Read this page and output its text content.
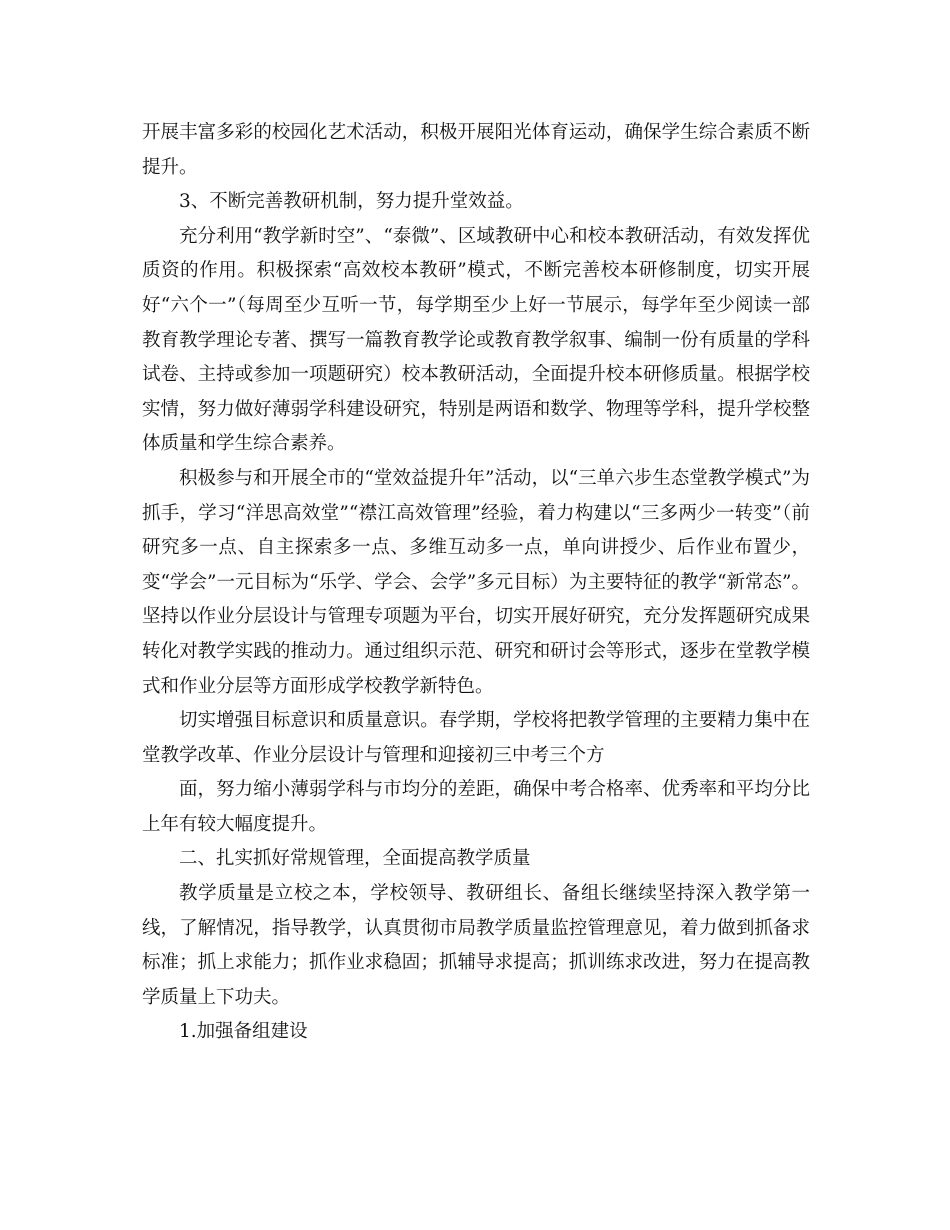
开展丰富多彩的校园化艺术活动，积极开展阳光体育运动，确保学生综合素质不断提升。

3、不断完善教研机制，努力提升堂效益。

充分利用“教学新时空”、“泰微”、区域教研中心和校本教研活动，有效发挥优质资的作用。积极探索“高效校本教研”模式，不断完善校本研修制度，切实开展好“六个一”（每周至少互听一节，每学期至少上好一节展示，每学年至少阅读一部教育教学理论专著、撰写一篇教育教学论或教育教学叙事、编制一份有质量的学科试卷、主持或参加一项题研究）校本教研活动，全面提升校本研修质量。根据学校实情，努力做好薄弱学科建设研究，特别是两语和数学、物理等学科，提升学校整体质量和学生综合素养。

积极参与和开展全市的“堂效益提升年”活动，以“三单六步生态堂教学模式”为抓手，学习“洋思高效堂”“襟江高效管理”经验，着力构建以“三多两少一转变”（前研究多一点、自主探索多一点、多维互动多一点，单向讲授少、后作业布置少，变“学会”一元目标为“乐学、学会、会学”多元目标）为主要特征的教学“新常态”。坚持以作业分层设计与管理专项题为平台，切实开展好研究，充分发挥题研究成果转化对教学实践的推动力。通过组织示范、研究和研讨会等形式，逐步在堂教学模式和作业分层等方面形成学校教学新特色。

切实增强目标意识和质量意识。春学期，学校将把教学管理的主要精力集中在堂教学改革、作业分层设计与管理和迎接初三中考三个方

面，努力缩小薄弱学科与市均分的差距，确保中考合格率、优秀率和平均分比上年有较大幅度提升。

二、扎实抓好常规管理，全面提高教学质量

教学质量是立校之本，学校领导、教研组长、备组长继续坚持深入教学第一线，了解情况，指导教学，认真贯彻市局教学质量监控管理意见，着力做到抓备求标准；抓上求能力；抓作业求稳固；抓辅导求提高；抓训练求改进，努力在提高教学质量上下功夫。

1.加强备组建设
